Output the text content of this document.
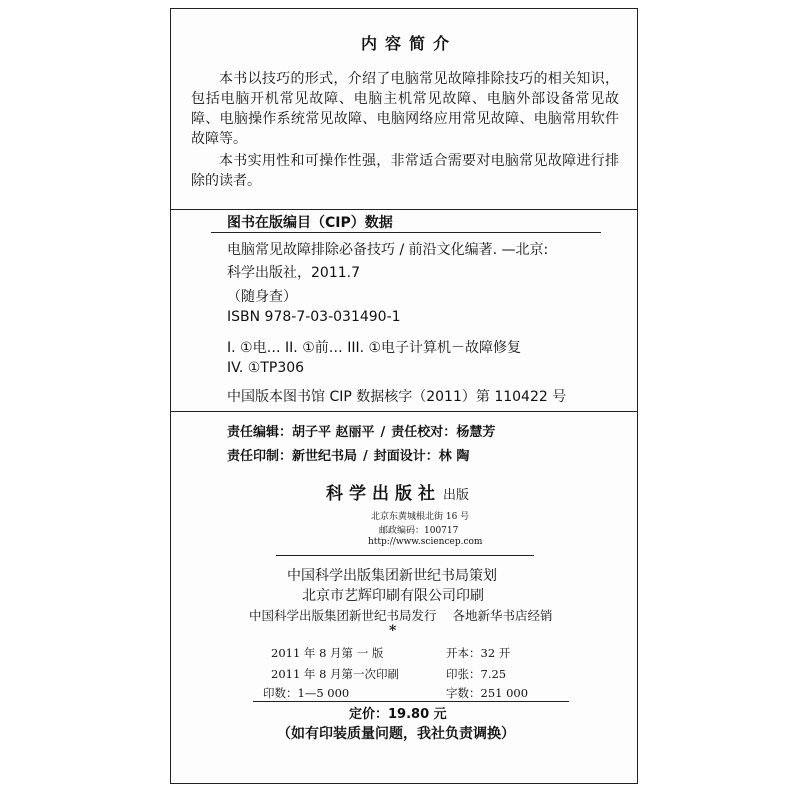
内容简介

本书以技巧的形式，介绍了电脑常见故障排除技巧的相关知识，包括电脑开机常见故障、电脑主机常见故障、电脑外部设备常见故障、电脑操作系统常见故障、电脑网络应用常见故障、电脑常用软件故障等。

本书实用性和可操作性强，非常适合需要对电脑常见故障进行排除的读者。

图书在版编目（CIP）数据
电脑常见故障排除必备技巧 / 前沿文化编著. —北京:
科学出版社，2011.7
（随身查）
ISBN 978-7-03-031490-1
I. ①电… II. ①前… III. ①电子计算机－故障修复
IV. ①TP306
中国版本图书馆 CIP 数据核字（2011）第 110422 号
责任编辑：胡子平 赵丽平 / 责任校对：杨慧芳
责任印制：新世纪书局 / 封面设计：林 陶
科学出版社 出版
北京东黄城根北街 16 号
邮政编码：100717
http://www.sciencep.com
中国科学出版集团新世纪书局策划
北京市艺辉印刷有限公司印刷
中国科学出版集团新世纪书局发行 各地新华书店经销
*
2011 年 8 月第 一 版	开本：32 开
2011 年 8 月第一次印刷	印张：7.25
印数：1—5 000	字数：251 000
定价：19.80 元
（如有印装质量问题，我社负责调换）
